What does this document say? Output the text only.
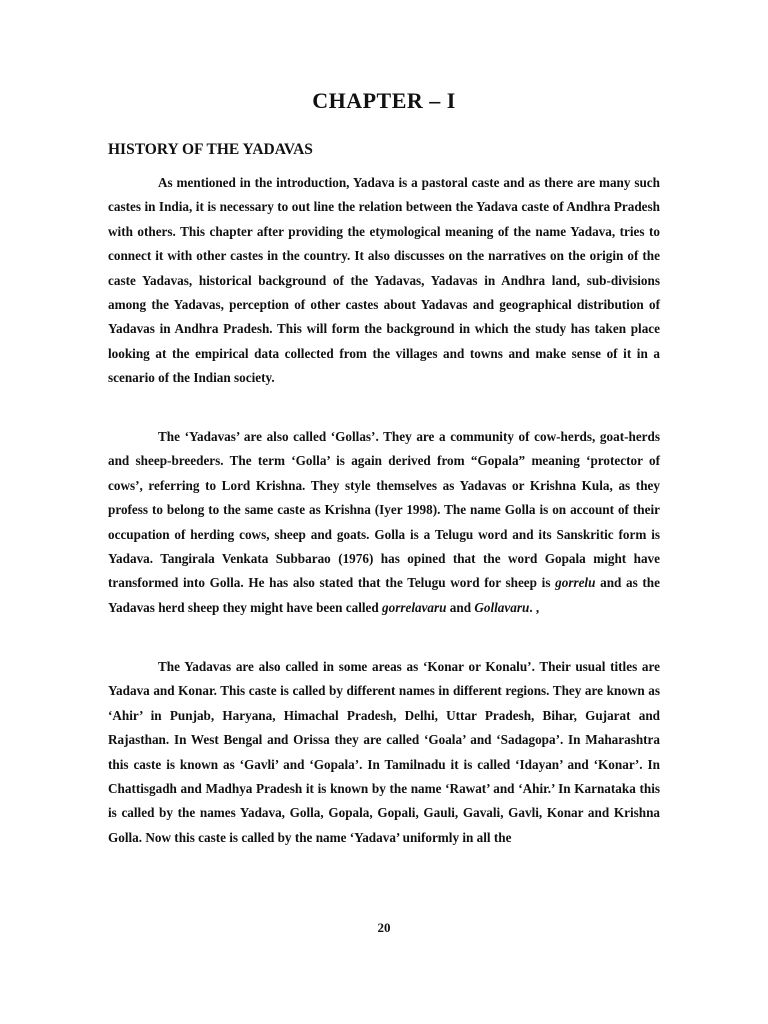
CHAPTER – I
HISTORY OF THE YADAVAS

As mentioned in the introduction, Yadava is a pastoral caste and as there are many such castes in India, it is necessary to out line the relation between the Yadava caste of Andhra Pradesh with others. This chapter after providing the etymological meaning of the name Yadava, tries to connect it with other castes in the country. It also discusses on the narratives on the origin of the caste Yadavas, historical background of the Yadavas, Yadavas in Andhra land, sub-divisions among the Yadavas, perception of other castes about Yadavas and geographical distribution of Yadavas in Andhra Pradesh. This will form the background in which the study has taken place looking at the empirical data collected from the villages and towns and make sense of it in a scenario of the Indian society.

The ‘Yadavas’ are also called ‘Gollas’. They are a community of cow-herds, goat-herds and sheep-breeders. The term ‘Golla’ is again derived from “Gopala” meaning ‘protector of cows’, referring to Lord Krishna. They style themselves as Yadavas or Krishna Kula, as they profess to belong to the same caste as Krishna (Iyer 1998). The name Golla is on account of their occupation of herding cows, sheep and goats. Golla is a Telugu word and its Sanskritic form is Yadava. Tangirala Venkata Subbarao (1976) has opined that the word Gopala might have transformed into Golla. He has also stated that the Telugu word for sheep is gorrelu and as the Yadavas herd sheep they might have been called gorrelavaru and Gollavaru. ,

The Yadavas are also called in some areas as ‘Konar or Konalu’. Their usual titles are Yadava and Konar. This caste is called by different names in different regions. They are known as ‘Ahir’ in Punjab, Haryana, Himachal Pradesh, Delhi, Uttar Pradesh, Bihar, Gujarat and Rajasthan. In West Bengal and Orissa they are called ‘Goala’ and ‘Sadagopa’. In Maharashtra this caste is known as ‘Gavli’ and ‘Gopala’. In Tamilnadu it is called ‘Idayan’ and ‘Konar’. In Chattisgadh and Madhya Pradesh it is known by the name ‘Rawat’ and ‘Ahir.’ In Karnataka this is called by the names Yadava, Golla, Gopala, Gopali, Gauli, Gavali, Gavli, Konar and Krishna Golla. Now this caste is called by the name ‘Yadava’ uniformly in all the

20
